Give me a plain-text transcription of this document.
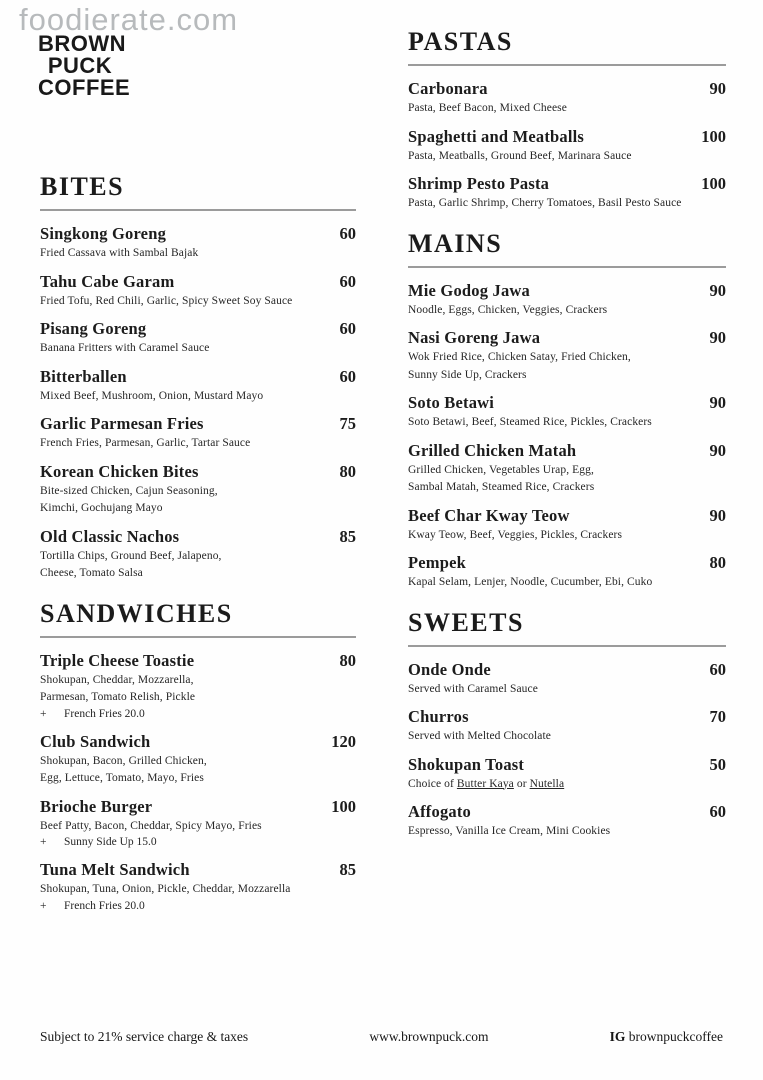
foodierate.com
BROWN
PUCK
COFFEE
BITES
Singkong Goreng	60
Fried Cassava with Sambal Bajak
Tahu Cabe Garam	60
Fried Tofu, Red Chili, Garlic, Spicy Sweet Soy Sauce
Pisang Goreng	60
Banana Fritters with Caramel Sauce
Bitterballen	60
Mixed Beef, Mushroom, Onion, Mustard Mayo
Garlic Parmesan Fries	75
French Fries, Parmesan, Garlic, Tartar Sauce
Korean Chicken Bites	80
Bite-sized Chicken, Cajun Seasoning,
Kimchi, Gochujang Mayo
Old Classic Nachos	85
Tortilla Chips, Ground Beef, Jalapeno,
Cheese, Tomato Salsa
SANDWICHES
Triple Cheese Toastie	80
Shokupan, Cheddar, Mozzarella,
Parmesan, Tomato Relish, Pickle
+	French Fries 20.0
Club Sandwich	120
Shokupan, Bacon, Grilled Chicken,
Egg, Lettuce, Tomato, Mayo, Fries
Brioche Burger	100
Beef Patty, Bacon, Cheddar, Spicy Mayo, Fries
+	Sunny Side Up 15.0
Tuna Melt Sandwich	85
Shokupan, Tuna, Onion, Pickle, Cheddar, Mozzarella
+	French Fries 20.0
PASTAS
Carbonara	90
Pasta, Beef Bacon, Mixed Cheese
Spaghetti and Meatballs	100
Pasta, Meatballs, Ground Beef, Marinara Sauce
Shrimp Pesto Pasta	100
Pasta, Garlic Shrimp, Cherry Tomatoes, Basil Pesto Sauce
MAINS
Mie Godog Jawa	90
Noodle, Eggs, Chicken, Veggies, Crackers
Nasi Goreng Jawa	90
Wok Fried Rice, Chicken Satay, Fried Chicken,
Sunny Side Up, Crackers
Soto Betawi	90
Soto Betawi, Beef, Steamed Rice, Pickles, Crackers
Grilled Chicken Matah	90
Grilled Chicken, Vegetables Urap, Egg,
Sambal Matah, Steamed Rice, Crackers
Beef Char Kway Teow	90
Kway Teow, Beef, Veggies, Pickles, Crackers
Pempek	80
Kapal Selam, Lenjer, Noodle, Cucumber, Ebi, Cuko
SWEETS
Onde Onde	60
Served with Caramel Sauce
Churros	70
Served with Melted Chocolate
Shokupan Toast	50
Choice of Butter Kaya or Nutella
Affogato	60
Espresso, Vanilla Ice Cream, Mini Cookies
Subject to 21% service charge & taxes	www.brownpuck.com	IG brownpuckcoffee
